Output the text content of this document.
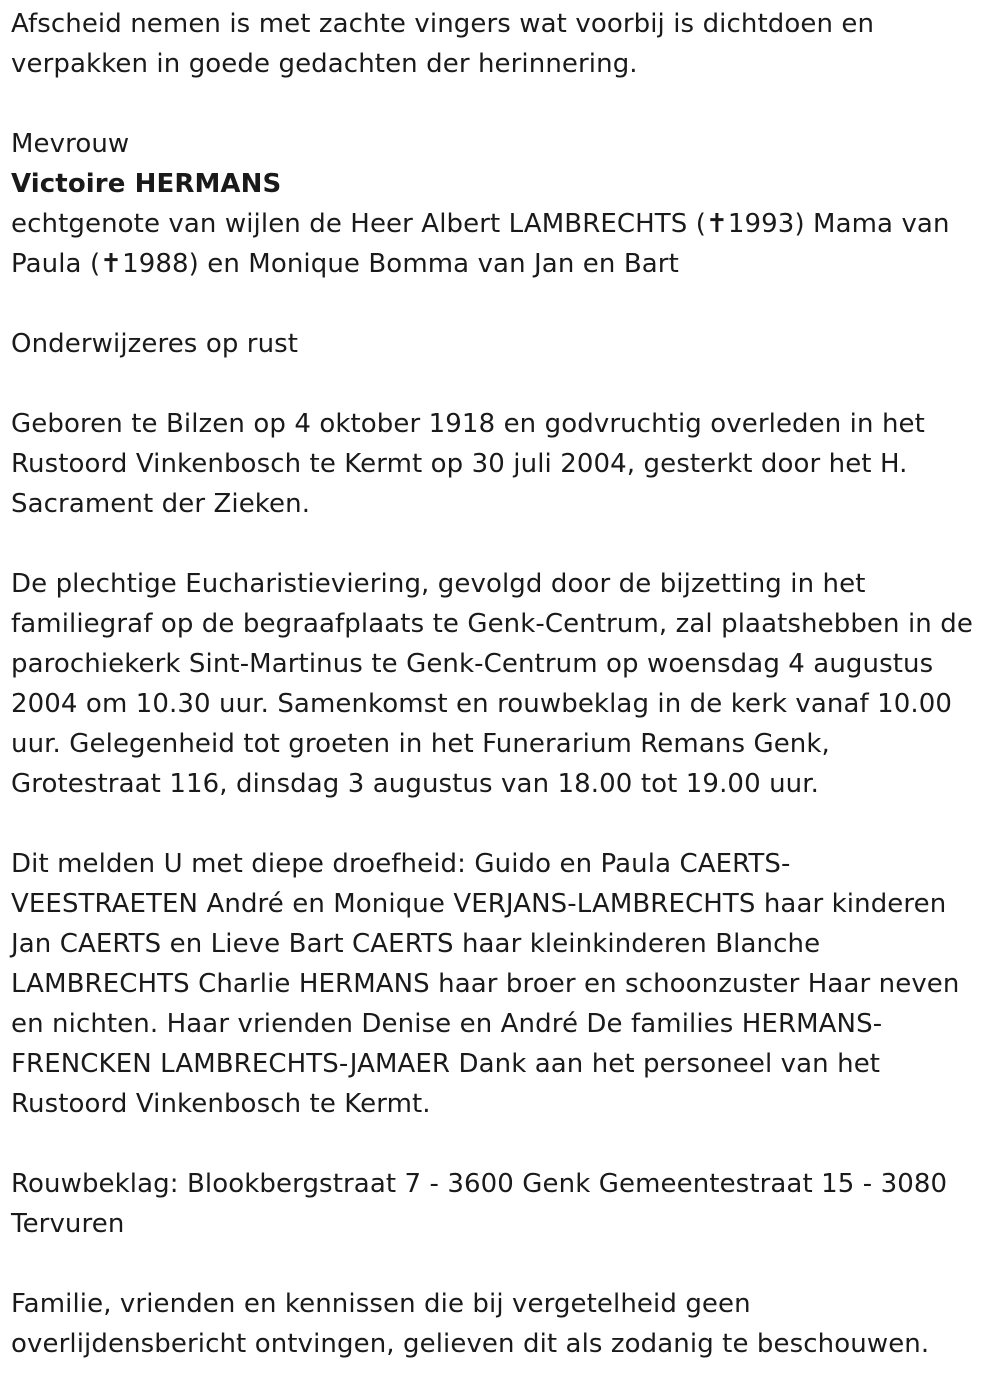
Afscheid nemen is met zachte vingers wat voorbij is dichtdoen en
verpakken in goede gedachten der herinnering.

Mevrouw

Victoire HERMANS

echtgenote van wijlen de Heer Albert LAMBRECHTS (✝1993) Mama van
Paula (✝1988) en Monique Bomma van Jan en Bart

Onderwijzeres op rust

Geboren te Bilzen op 4 oktober 1918 en godvruchtig overleden in het
Rustoord Vinkenbosch te Kermt op 30 juli 2004, gesterkt door het H.
Sacrament der Zieken.

De plechtige Eucharistieviering, gevolgd door de bijzetting in het
familiegraf op de begraafplaats te Genk-Centrum, zal plaatshebben in de
parochiekerk Sint-Martinus te Genk-Centrum op woensdag 4 augustus
2004 om 10.30 uur. Samenkomst en rouwbeklag in de kerk vanaf 10.00
uur. Gelegenheid tot groeten in het Funerarium Remans Genk,
Grotestraat 116, dinsdag 3 augustus van 18.00 tot 19.00 uur.

Dit melden U met diepe droefheid: Guido en Paula CAERTS-
VEESTRAETEN André en Monique VERJANS-LAMBRECHTS haar kinderen
Jan CAERTS en Lieve Bart CAERTS haar kleinkinderen Blanche
LAMBRECHTS Charlie HERMANS haar broer en schoonzuster Haar neven
en nichten. Haar vrienden Denise en André De families HERMANS-
FRENCKEN LAMBRECHTS-JAMAER Dank aan het personeel van het
Rustoord Vinkenbosch te Kermt.

Rouwbeklag: Blookbergstraat 7 - 3600 Genk Gemeentestraat 15 - 3080
Tervuren

Familie, vrienden en kennissen die bij vergetelheid geen
overlijdensbericht ontvingen, gelieven dit als zodanig te beschouwen.
